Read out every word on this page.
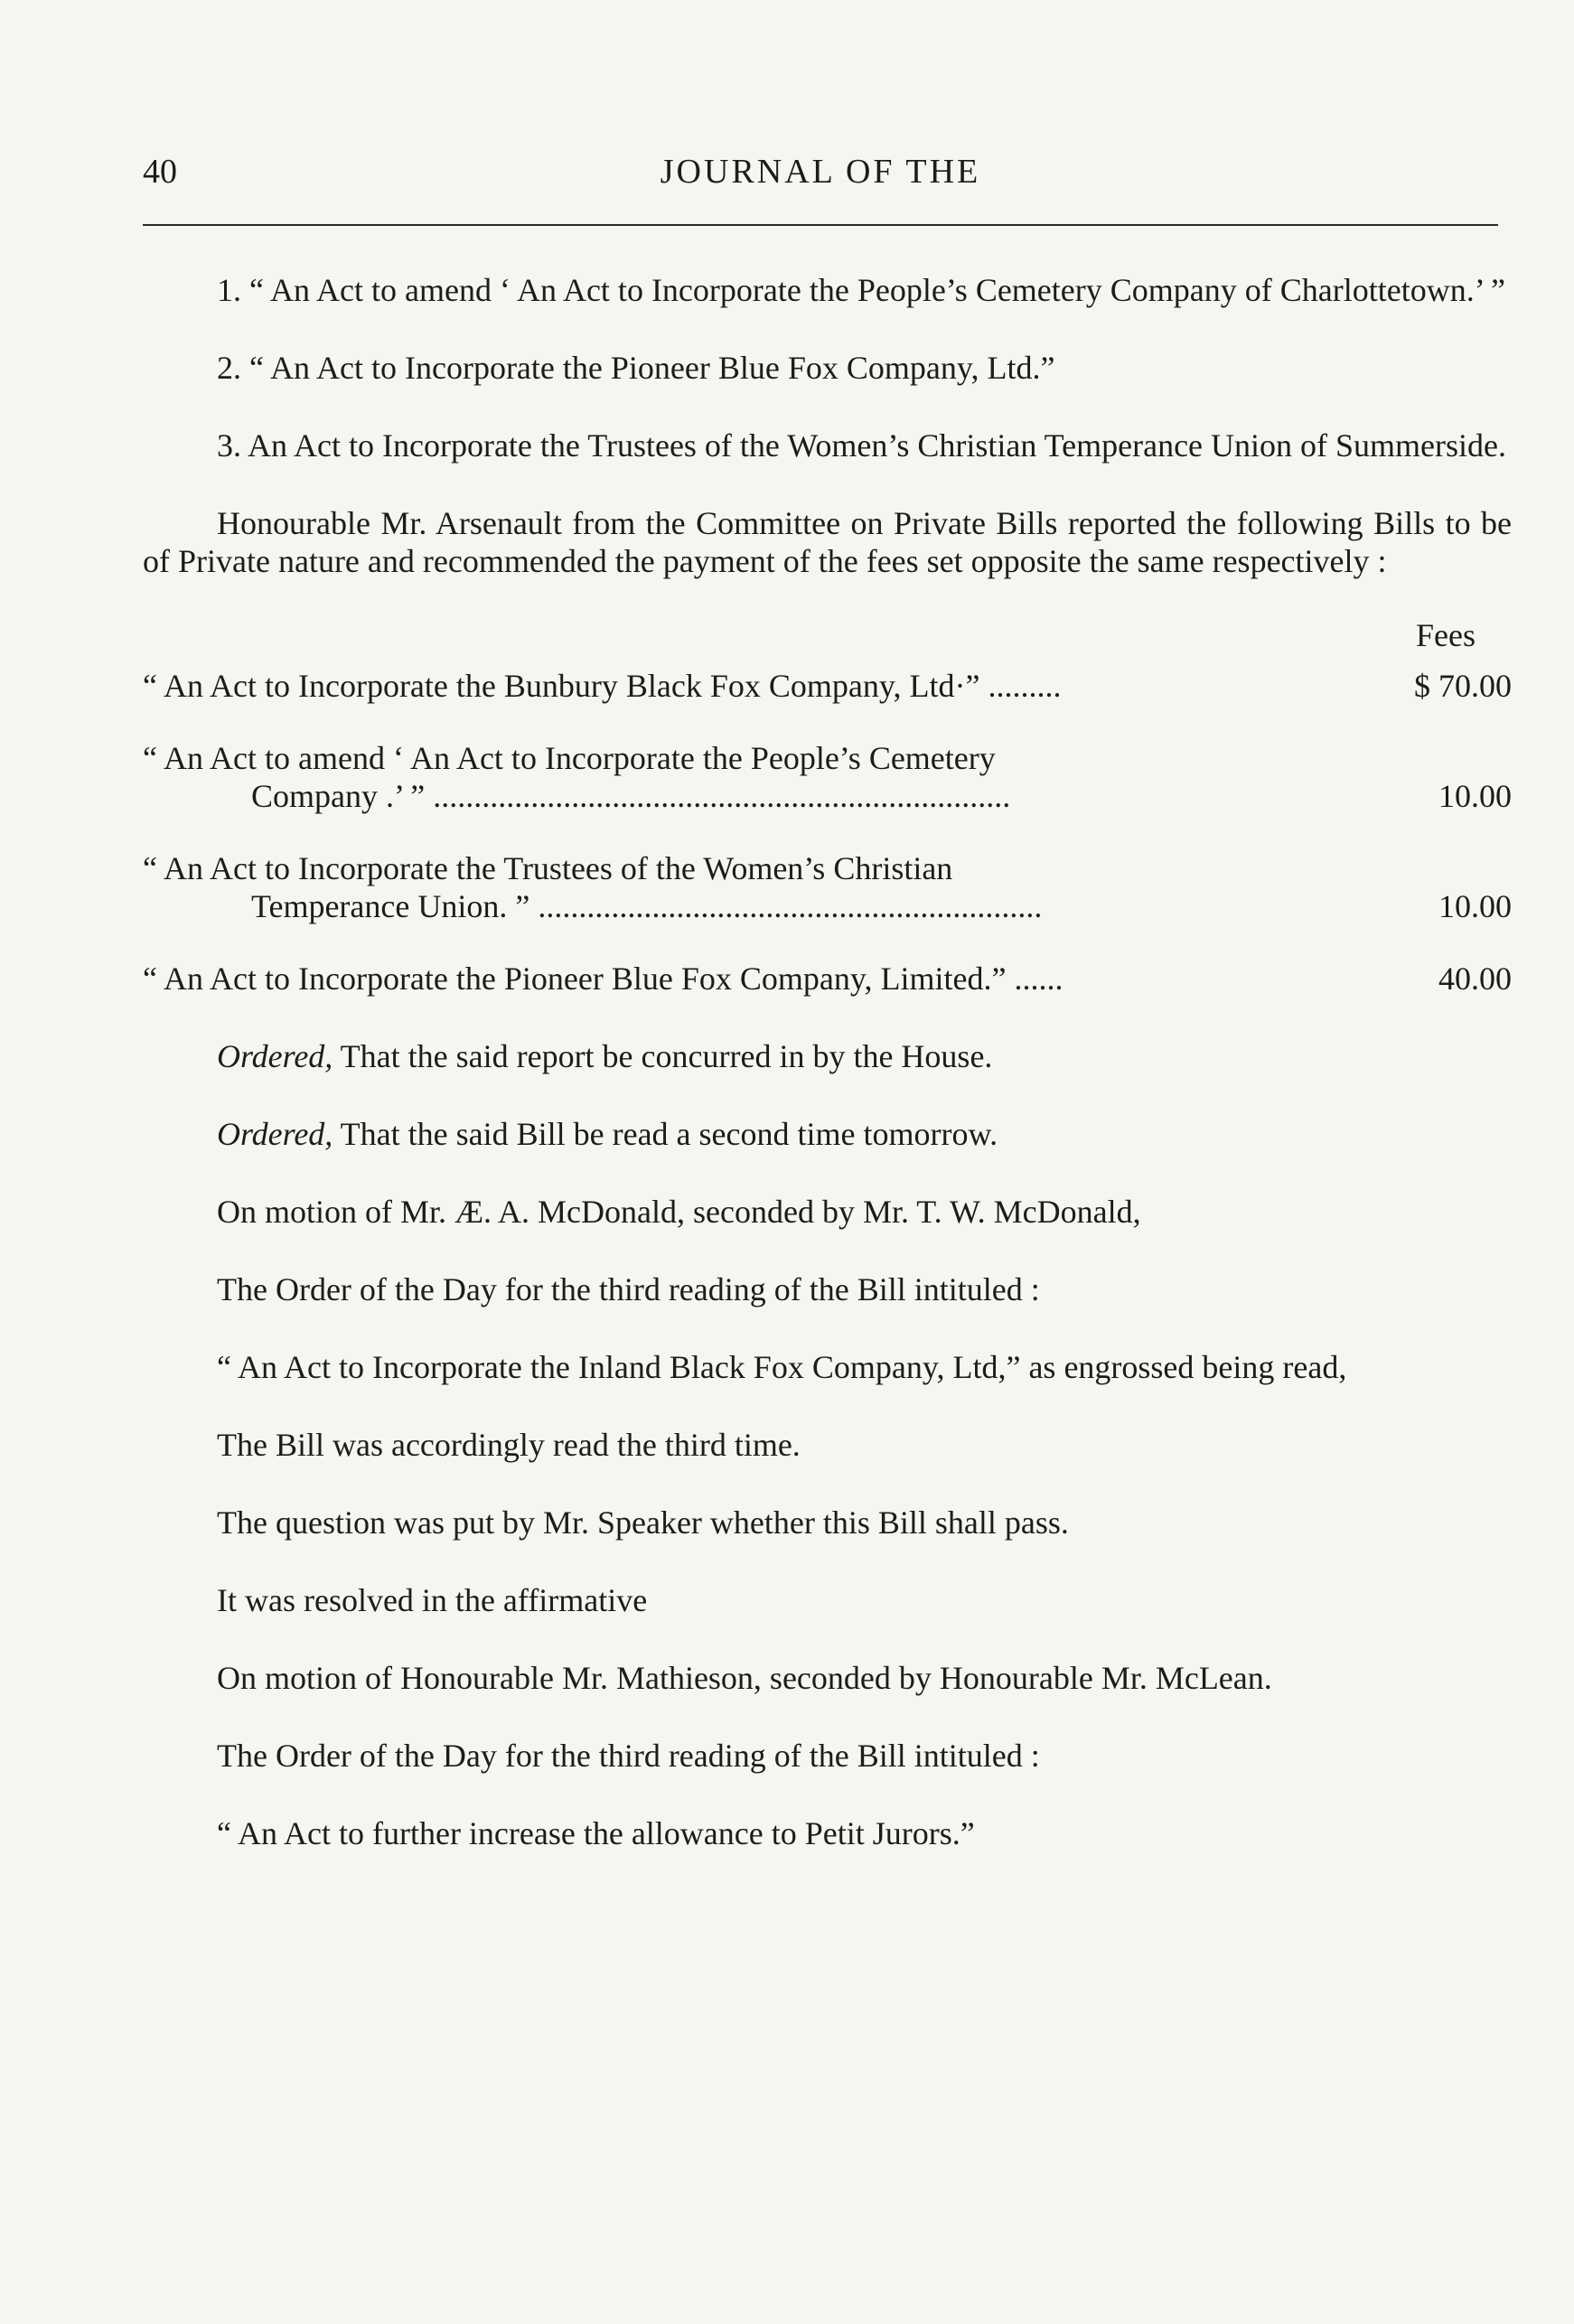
40	JOURNAL OF THE

1. “ An Act to amend ‘ An Act to Incorporate the People’s Cemetery Company of Charlottetown.’ ”

2. “ An Act to Incorporate the Pioneer Blue Fox Company, Ltd.”

3. An Act to Incorporate the Trustees of the Women’s Christian Temperance Union of Summerside.

Honourable Mr. Arsenault from the Committee on Private Bills reported the following Bills to be of Private nature and recommended the payment of the fees set opposite the same respectively :

Fees
“ An Act to Incorporate the Bunbury Black Fox Company, Ltd·” .........	$ 70.00
“ An Act to amend ‘ An Act to Incorporate the People’s Cemetery
Company .’ ” .......................................................................	10.00
“ An Act to Incorporate the Trustees of the Women’s Christian
Temperance Union. ” ..............................................................	10.00
“ An Act to Incorporate the Pioneer Blue Fox Company, Limited.” ......	40.00

Ordered, That the said report be concurred in by the House.

Ordered, That the said Bill be read a second time tomorrow.

On motion of Mr. Æ. A. McDonald, seconded by Mr. T. W. McDonald,

The Order of the Day for the third reading of the Bill intituled :

“ An Act to Incorporate the Inland Black Fox Company, Ltd,” as engrossed being read,

The Bill was accordingly read the third time.

The question was put by Mr. Speaker whether this Bill shall pass.

It was resolved in the affirmative

On motion of Honourable Mr. Mathieson, seconded by Honourable Mr. McLean.

The Order of the Day for the third reading of the Bill intituled :

“ An Act to further increase the allowance to Petit Jurors.”
